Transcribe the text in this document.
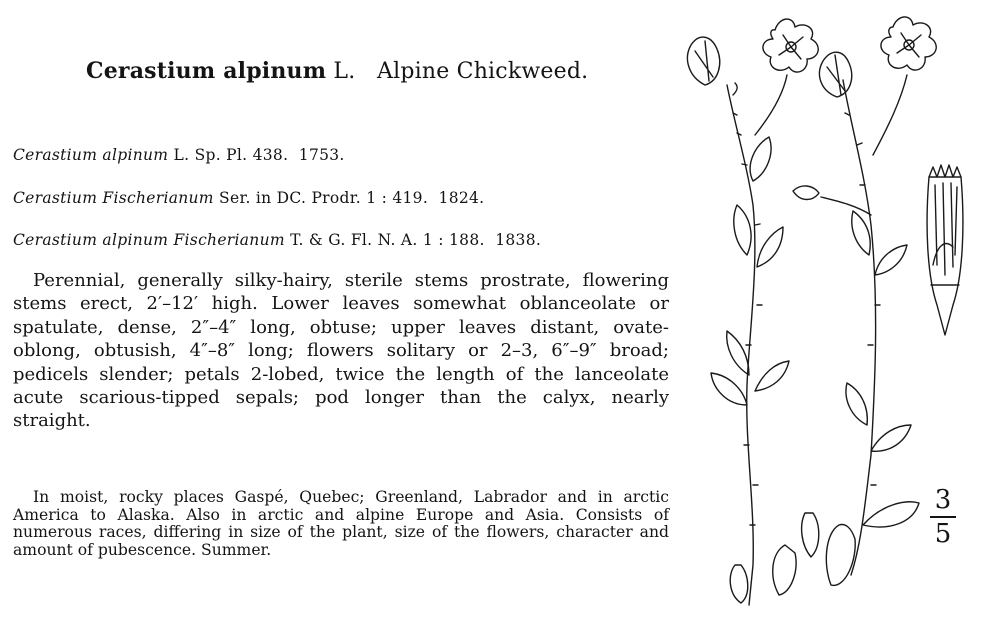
Cerastium alpinum L. Alpine Chickweed.
Cerastium alpinum L. Sp. Pl. 438. 1753.
Cerastium Fischerianum Ser. in DC. Prodr. 1 : 419. 1824.
Cerastium alpinum Fischerianum T. & G. Fl. N. A. 1 : 188. 1838.

Perennial, generally silky-hairy, sterile stems prostrate, flowering stems erect, 2′–12′ high. Lower leaves somewhat oblanceolate or spatulate, dense, 2″–4″ long, obtuse; upper leaves distant, ovate-oblong, obtusish, 4″–8″ long; flowers solitary or 2–3, 6″–9″ broad; pedicels slender; petals 2-lobed, twice the length of the lanceolate acute scarious-tipped sepals; pod longer than the calyx, nearly straight.

In moist, rocky places Gaspé, Quebec; Greenland, Labrador and in arctic America to Alaska. Also in arctic and alpine Europe and Asia. Consists of numerous races, differing in size of the plant, size of the flowers, character and amount of pubescence. Summer.

3
5
